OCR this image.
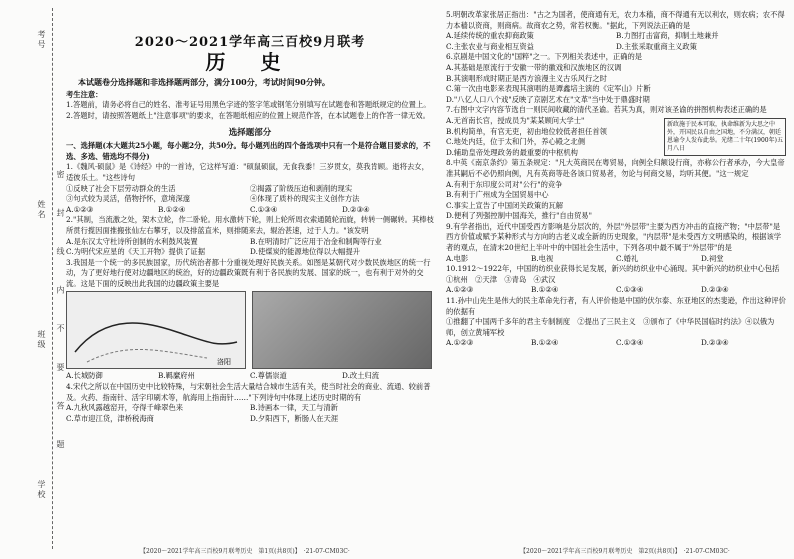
考号
姓名
班级
学校
密 封 线 内 不 要 答 题
2020～2021学年高三百校9月联考
历 史

本试题卷分选择题和非选择题两部分，满分100分，考试时间90分钟。

考生注意：

1.答题前，请务必将自己的姓名、准考证号用黑色字迹的签字笔或钢笔分别填写在试题卷和答题纸规定的位置上。

2.答题时，请按照答题纸上"注意事项"的要求，在答题纸相应的位置上规范作答，在本试题卷上的作答一律无效。

选择题部分

一、选择题(本大题共25小题，每小题2分，共50分。每小题列出的四个备选项中只有一个是符合题目要求的，不选、多选、错选均不得分)

1.《魏风·硕鼠》是《诗经》中的一首诗，它这样写道："硕鼠硕鼠，无食我黍！三岁贯女，莫我肯顾。逝将去女，适彼乐土。"这些诗句

①反映了社会下层劳动群众的生活	②揭露了阶级压迫和剥削的现实
③句式较为灵活，借物抒怀，意境深邃	④体现了质朴的现实主义创作方法
A.①②③	B.①②④	C.①③④	D.②③④

2."其制，当流激之处，架木立轮，作二卧轮。用水激转下轮，则上轮所周衣索通随轮而旋，转转一侧碾转。其棒枝所贯行揽因面推搬张仙左右攀牙，以及排蓝直米，则排随来去，辊治甚速，过于人力。"该发明

A.是东汉太守杜诗所创制的水利鼓风装置	B.在明清时广泛应用于冶金和制陶等行业
C.为明代宋应星的《天工开物》提供了证据	D.使煤炭的能源地位得以大幅提升

3.我国是一个统一的多民族国家，历代统治者都十分重视处理好民族关系。如图是某朝代对少数民族地区的统一行动，为了更好地行使对边疆地区的统治，好的边疆政策既有利于各民族的发展、国家的统一，也有利于对外的交流。这是下面的反映出此我国的边疆政策主要是

洛阳
A.长城防御	B.羁縻府州	C.尊儒崇道	D.改土归流

4.宋代之所以在中国历史中比较特殊，与宋朝社会生活大量结合城市生活有关，使当时社会的商业、流通、较前普及。火药、指南针、活字印刷术等，航海用上指南针……"下列诗句中体现上述历史时期的有

A.九秋风露越窑开，夺得千峰翠色来	B.诗画本一律，天工与清新
C.草市迎江货，津桥税海商	D.夕阳西下，断肠人在天涯

5.明朝改革家张居正指出："古之为国者，使商通有无，农力本穑，商不得通有无以利农，则农病；农不得力本穑以资商，则商病。故商农之势，常若权衡。"据此，下列说法正确的是

A.延续传统的重农抑商政策	B.力图打击富商，抑制土地兼并
C.主张农业与商业相互资益	D.主张采取重商主义政策

6.京剧是中国文化的"国粹"之一。下列相关表述中，正确的是

A.其基础是原流行于安徽一带的徽戏和汉族地区的汉调

B.其演唱形成时期正是西方浪漫主义古乐风行之时

C.第一次由电影来表现其演唱的是谭鑫培主演的《定军山》片断

D."八亿人口八个戏"反映了京剧艺术在"文革"当中处于鼎盛时期

7.右图中文字内容节选自一则民间收藏的清代圣谕。若其为真，则对该圣谕的拼图机构表述正确的是

新政施于民本可取，执命维新为大思之中外，开国民以自由之国地，不分满汉，朝廷恩谕令人发布此举。光绪二十年(1900年)五月八日

A.无首南长官，授成员为"某某顾问大学士"

B.机构简单，有官无吏，初由地位较低者担任首领

C.地处内廷，位于太和门外，养心殿之北侧

D.辅助皇帝处理政务的最重要的中枢机构

8.中英《南京条约》第五条规定："凡大英商民在粤贸易，向例全归额设行商，亦称公行者承办，今大皇帝准其嗣后不必仍照向例，凡有英商等赴各该口贸易者，勿论与何商交易，均听其便。"这一规定

A.有利于东印度公司对"公行"的竞争

B.有利于广州成为全国贸易中心

C.事实上宣告了中国闭关政策的瓦解

D.便利了列强控制中国海关，推行"自由贸易"

9.有学者指出，近代中国受西方影响是分层次的，外层"外层带"主要为西方冲击的直接产物；"中层带"是西方价值或赋予某种形式与方向的古老义或全新的历史现象，"内层带"是未受西方文明感染的，根据该学者的观点，在清末20世纪上半叶中的中国社会生活中，下列各项中最不属于"外层带"的是

A.电影	B.电视	C.婚礼	D.祠堂

10.1912～1922年，中国的纺织业获得长足发展，新兴的纺织业中心涌现。其中新兴的纺织业中心包括

①杭州　②天津　③青岛　④武汉

A.①②③	B.①②④	C.①③④	D.②③④

11.孙中山先生是伟大的民主革命先行者，有人评价他是中国的伏尔泰、东亚地区的杰斐逊，作出这种评价的依据有

①推翻了中国两千多年的君主专制制度　②提出了三民主义　③颁布了《中华民国临时约法》④以俄为师，创立黄埔军校

A.①②③	B.①②④	C.①③④	D.②③④
【2020～2021学年高三百校9月联考历史　第1页(共8页)】　 ·21-07-CM03C·	【2020～2021学年高三百校9月联考历史　第2页(共8页)】　 ·21-07-CM03C·
